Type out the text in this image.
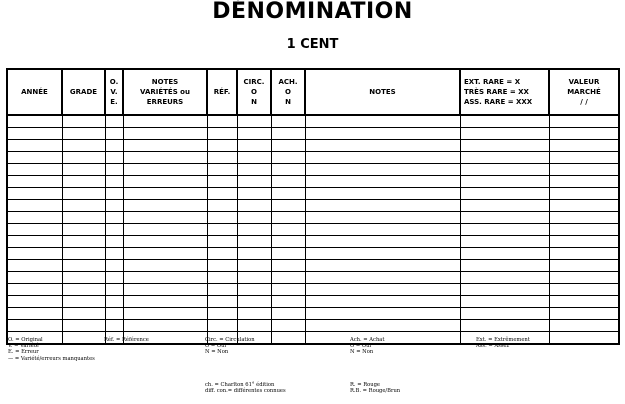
DÉNOMINATION
1 CENT
ANNÉE	GRADE	O.
V.
E.	NOTES
VARIÉTÉS ou
ERREURS	RÉF.	CIRC.
O
N	ACH.
O
N	NOTES	EXT. RARE = X
TRÈS RARE = XX
ASS. RARE = XXX	VALEUR
MARCHÉ
/ /

O. = Original
V. = Variété
E. = Erreur
— = Variété/erreurs manquantes
Réf. = Référence	Circ. = Circulation
O = Oui
N = Non
Ach. = Achat
O = Oui
N = Non
Ext. = Extrêmement
Ass. = Assez
ch. = Charlton 61° édition
diff. con.= différentes connues
R. = Rouge
R.B. = Rouge/Brun
